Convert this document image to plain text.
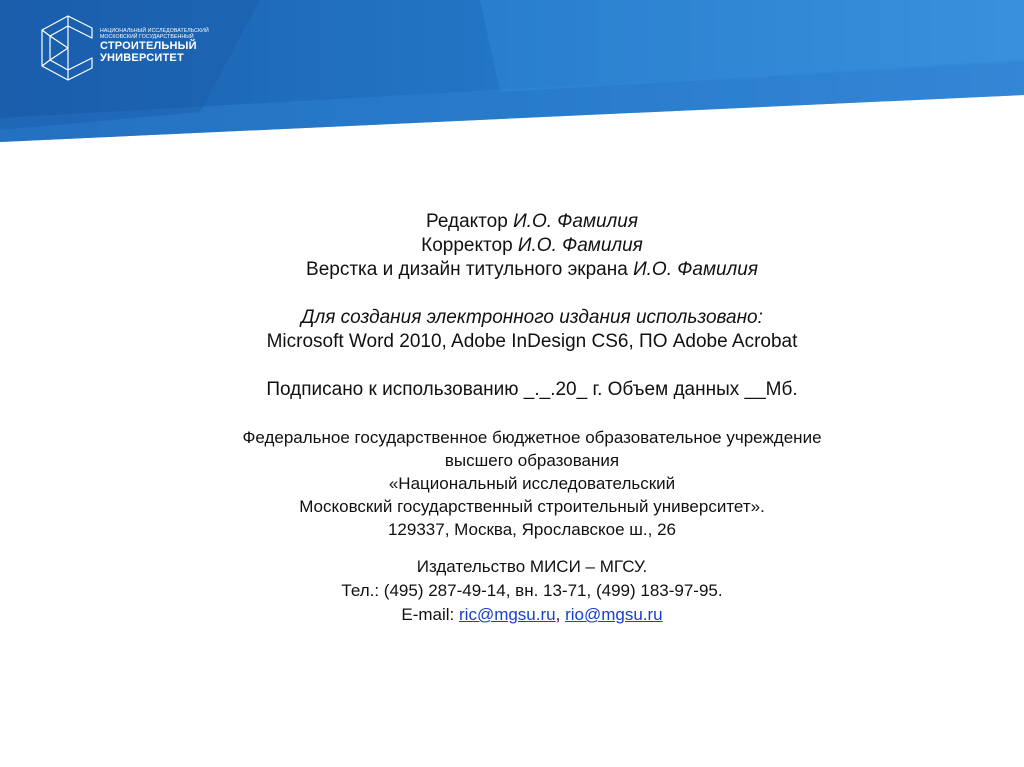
НАЦИОНАЛЬНЫЙ ИССЛЕДОВАТЕЛЬСКИЙ
МОСКОВСКИЙ ГОСУДАРСТВЕННЫЙ
СТРОИТЕЛЬНЫЙ
УНИВЕРСИТЕТ

Редактор И.О. Фамилия

Корректор И.О. Фамилия

Верстка и дизайн титульного экрана И.О. Фамилия

Для создания электронного издания использовано:

Microsoft Word 2010, Adobe InDesign CS6, ПО Adobe Acrobat

Подписано к использованию _._.20_ г. Объем данных __Мб.

Федеральное государственное бюджетное образовательное учреждение

высшего образования

«Национальный исследовательский

Московский государственный строительный университет».

129337, Москва, Ярославское ш., 26

Издательство МИСИ – МГСУ.

Тел.: (495) 287-49-14, вн. 13-71, (499) 183-97-95.

E-mail: ric@mgsu.ru, rio@mgsu.ru
